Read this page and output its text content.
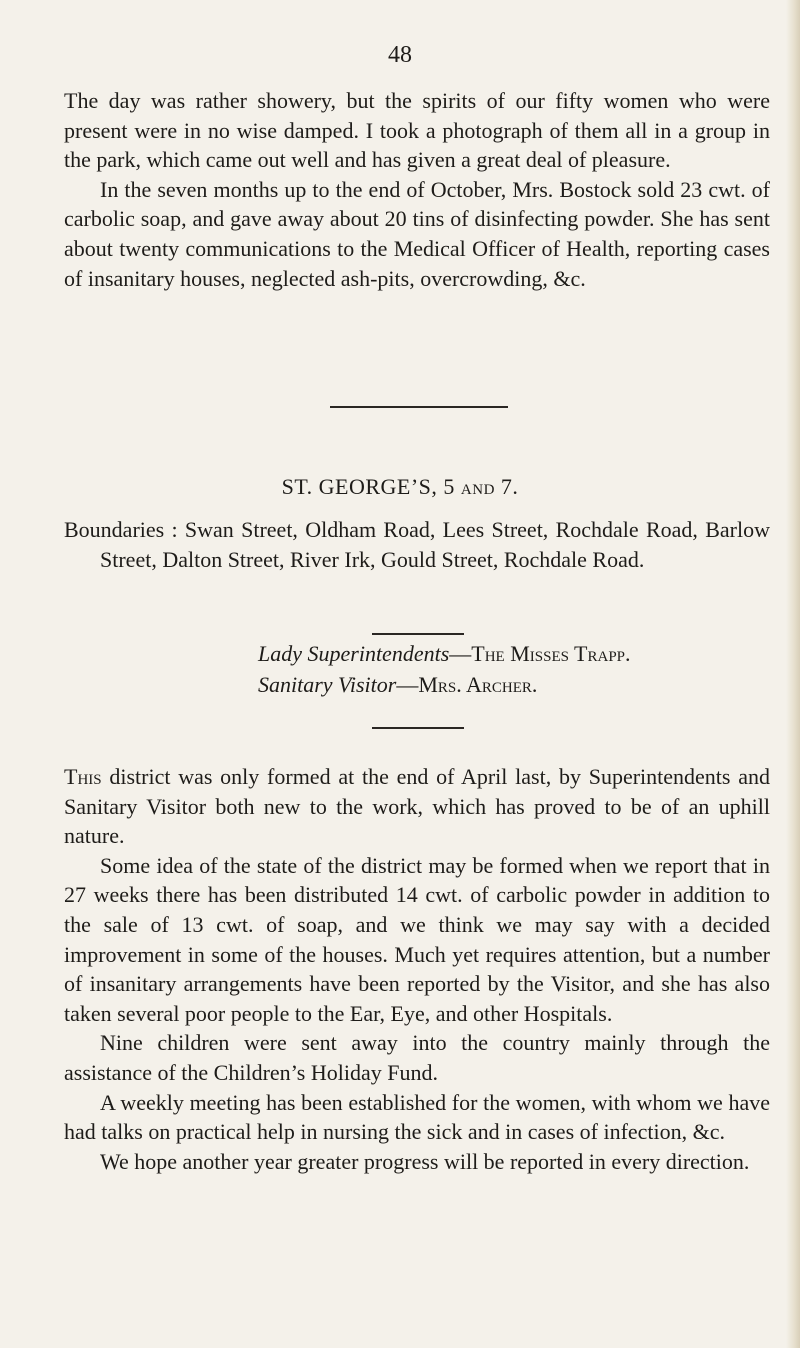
48

The day was rather showery, but the spirits of our fifty women who were present were in no wise damped. I took a photograph of them all in a group in the park, which came out well and has given a great deal of pleasure.

In the seven months up to the end of October, Mrs. Bostock sold 23 cwt. of carbolic soap, and gave away about 20 tins of disinfecting powder. She has sent about twenty communications to the Medical Officer of Health, reporting cases of insanitary houses, neglected ash-pits, overcrowding, &c.

ST. GEORGE’S, 5 and 7.

Boundaries : Swan Street, Oldham Road, Lees Street, Rochdale Road, Barlow Street, Dalton Street, River Irk, Gould Street, Rochdale Road.

Lady Superintendents—The Misses Trapp.
Sanitary Visitor—Mrs. Archer.

This district was only formed at the end of April last, by Superintendents and Sanitary Visitor both new to the work, which has proved to be of an uphill nature.

Some idea of the state of the district may be formed when we report that in 27 weeks there has been distributed 14 cwt. of carbolic powder in addition to the sale of 13 cwt. of soap, and we think we may say with a decided improvement in some of the houses. Much yet requires attention, but a number of insanitary arrangements have been reported by the Visitor, and she has also taken several poor people to the Ear, Eye, and other Hospitals.

Nine children were sent away into the country mainly through the assistance of the Children’s Holiday Fund.

A weekly meeting has been established for the women, with whom we have had talks on practical help in nursing the sick and in cases of infection, &c.

We hope another year greater progress will be reported in every direction.
